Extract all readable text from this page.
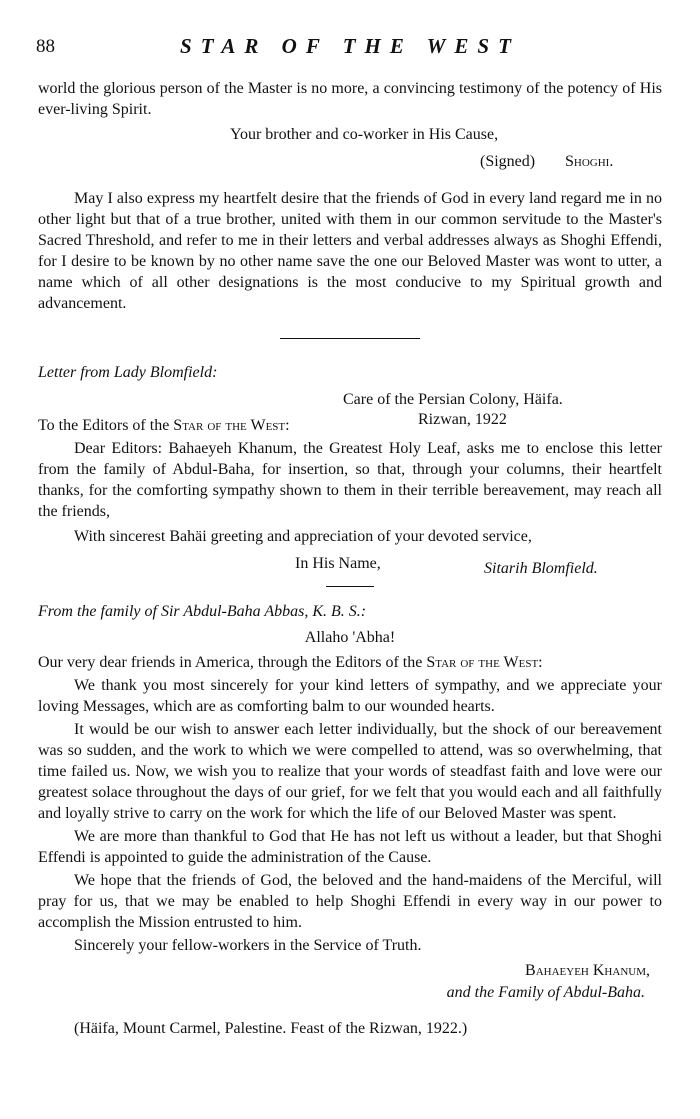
88	STAR OF THE WEST

world the glorious person of the Master is no more, a convincing testimony of the potency of His ever-living Spirit.

Your brother and co-worker in His Cause,
(Signed) Shoghi.

May I also express my heartfelt desire that the friends of God in every land regard me in no other light but that of a true brother, united with them in our common servitude to the Master's Sacred Threshold, and refer to me in their letters and verbal addresses always as Shoghi Effendi, for I desire to be known by no other name save the one our Beloved Master was wont to utter, a name which of all other designations is the most conducive to my Spiritual growth and advancement.

Letter from Lady Blomfield:

Care of the Persian Colony, Häifa.
To the Editors of the Star of the West:	Rizwan, 1922

Dear Editors: Bahaeyeh Khanum, the Greatest Holy Leaf, asks me to enclose this letter from the family of Abdul-Baha, for insertion, so that, through your columns, their heartfelt thanks, for the comforting sympathy shown to them in their terrible bereavement, may reach all the friends,

With sincerest Bahäi greeting and appreciation of your devoted service,

In His Name,	Sitarih Blomfield.

From the family of Sir Abdul-Baha Abbas, K. B. S.:

Allaho 'Abha!

Our very dear friends in America, through the Editors of the Star of the West:

We thank you most sincerely for your kind letters of sympathy, and we appreciate your loving Messages, which are as comforting balm to our wounded hearts.

It would be our wish to answer each letter individually, but the shock of our bereavement was so sudden, and the work to which we were compelled to attend, was so overwhelming, that time failed us. Now, we wish you to realize that your words of steadfast faith and love were our greatest solace throughout the days of our grief, for we felt that you would each and all faithfully and loyally strive to carry on the work for which the life of our Beloved Master was spent.

We are more than thankful to God that He has not left us without a leader, but that Shoghi Effendi is appointed to guide the administration of the Cause.

We hope that the friends of God, the beloved and the hand-maidens of the Merciful, will pray for us, that we may be enabled to help Shoghi Effendi in every way in our power to accomplish the Mission entrusted to him.

Sincerely your fellow-workers in the Service of Truth.

Bahaeyeh Khanum,
and the Family of Abdul-Baha.

(Häifa, Mount Carmel, Palestine. Feast of the Rizwan, 1922.)
